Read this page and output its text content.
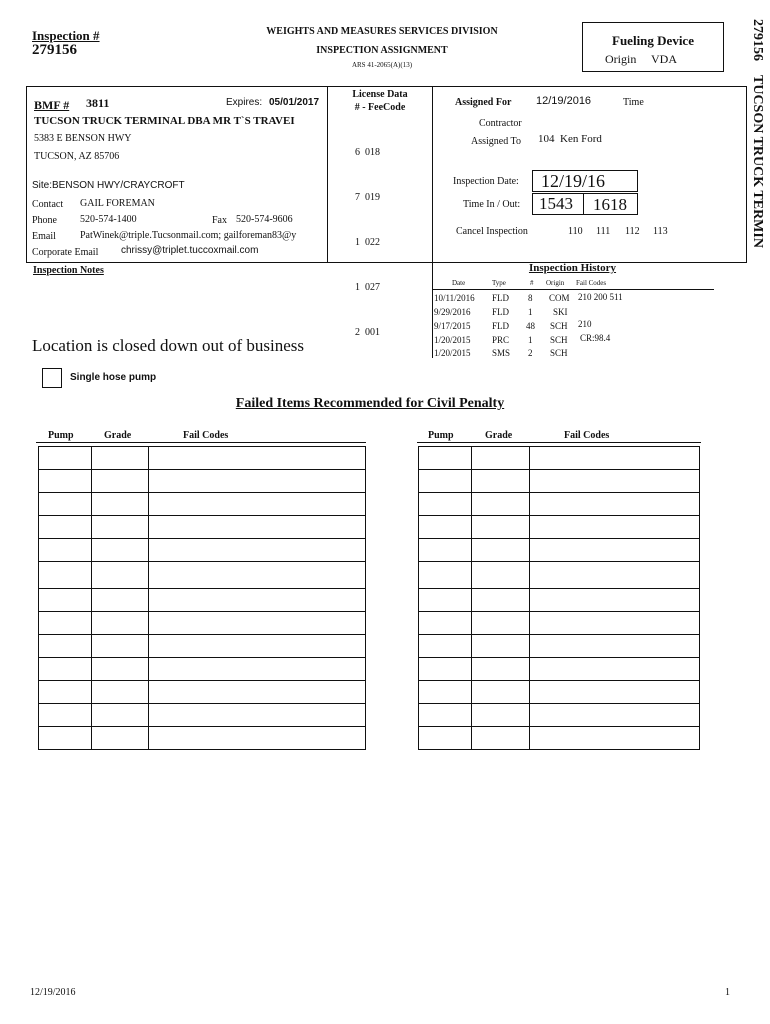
Inspection #
279156
WEIGHTS AND MEASURES SERVICES DIVISION
INSPECTION ASSIGNMENT
ARS 41-2065(A)(13)
Fueling Device
Origin VDA	279156    TUCSON TRUCK TERMIN
BMF # 3811	Expires: 05/01/2017
TUCSON TRUCK TERMINAL DBA MR T`S TRAVEI
5383 E BENSON HWY
TUCSON, AZ 85706
Site:BENSON HWY/CRAYCROFT
Contact GAIL FOREMAN
Phone 520-574-1400	Fax 520-574-9606
Email PatWinek@triple.Tucsonmail.com; gailforeman83@y
Corporate Email chrissy@triplet.tuccoxmail.com
License Data
# - FeeCode

6  018

7  019

1  022

1  027

2  001

Assigned For 12/19/2016	Time
Contractor
Assigned To 104  Ken Ford
Inspection Date: 12/19/16
Time In / Out: 1543 1618
Cancel Inspection	110 111 112 113
Inspection Notes
Location is closed down out of business
Inspection History
Date	Type	# Origin Fail Codes
10/11/2016 FLD 8 COM 210 200 511
9/29/2016 FLD 1 SKI
9/17/2015 FLD 48 SCH 210
1/20/2015 PRC 1 SCH CR:98.4
1/20/2015 SMS 2 SCH
Single hose pump
Failed Items Recommended for Civil Penalty
Pump	Grade	Fail Codes	Pump	Grade	Fail Codes

12/19/2016	1
